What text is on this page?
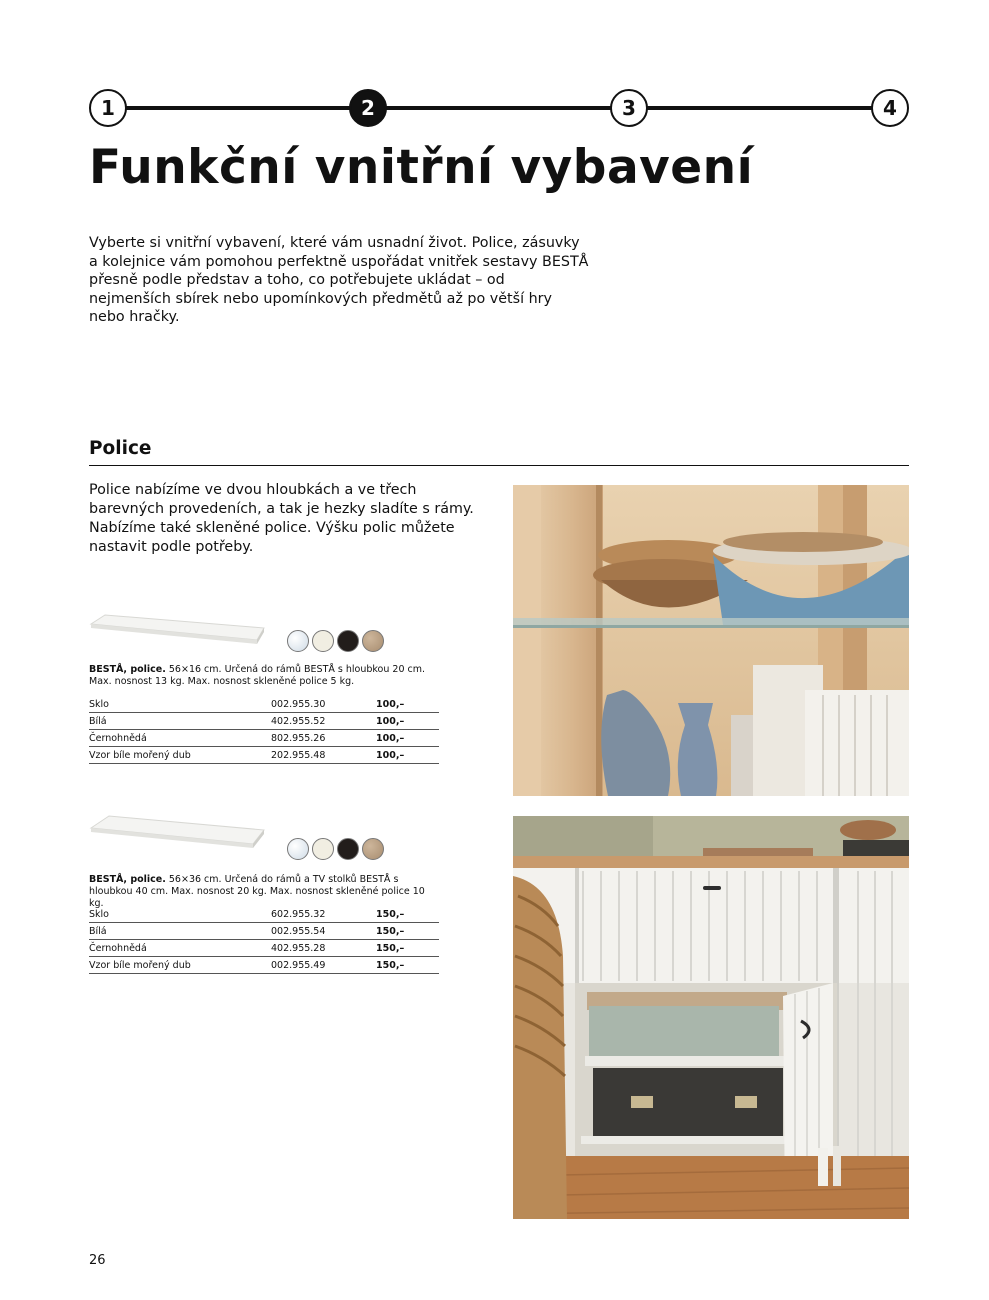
1	2	3	4
Funkční vnitřní vybavení

Vyberte si vnitřní vybavení, které vám usnadní život. Police, zásuvky a kolejnice vám pomohou perfektně uspořádat vnitřek sestavy BESTÅ přesně podle představ a toho, co potřebujete ukládat – od nejmenších sbírek nebo upomínkových předmětů až po větší hry nebo hračky.

Police

Police nabízíme ve dvou hloubkách a ve třech barevných provedeních, a tak je hezky sladíte s rámy. Nabízíme také skleněné police. Výšku polic můžete nastavit podle potřeby.

BESTÅ, police. 56×16 cm. Určená do rámů BESTÅ s hloubkou 20 cm. Max. nosnost 13 kg. Max. nosnost skleněné police 5 kg.

Sklo	002.955.30	100,–
Bílá	402.955.52	100,–
Černohnědá	802.955.26	100,–
Vzor bíle mořený dub	202.955.48	100,–

BESTÅ, police. 56×36 cm. Určená do rámů a TV stolků BESTÅ s hloubkou 40 cm. Max. nosnost 20 kg. Max. nosnost skleněné police 10 kg.

Sklo	602.955.32	150,–
Bílá	002.955.54	150,–
Černohnědá	402.955.28	150,–
Vzor bíle mořený dub	002.955.49	150,–
26
